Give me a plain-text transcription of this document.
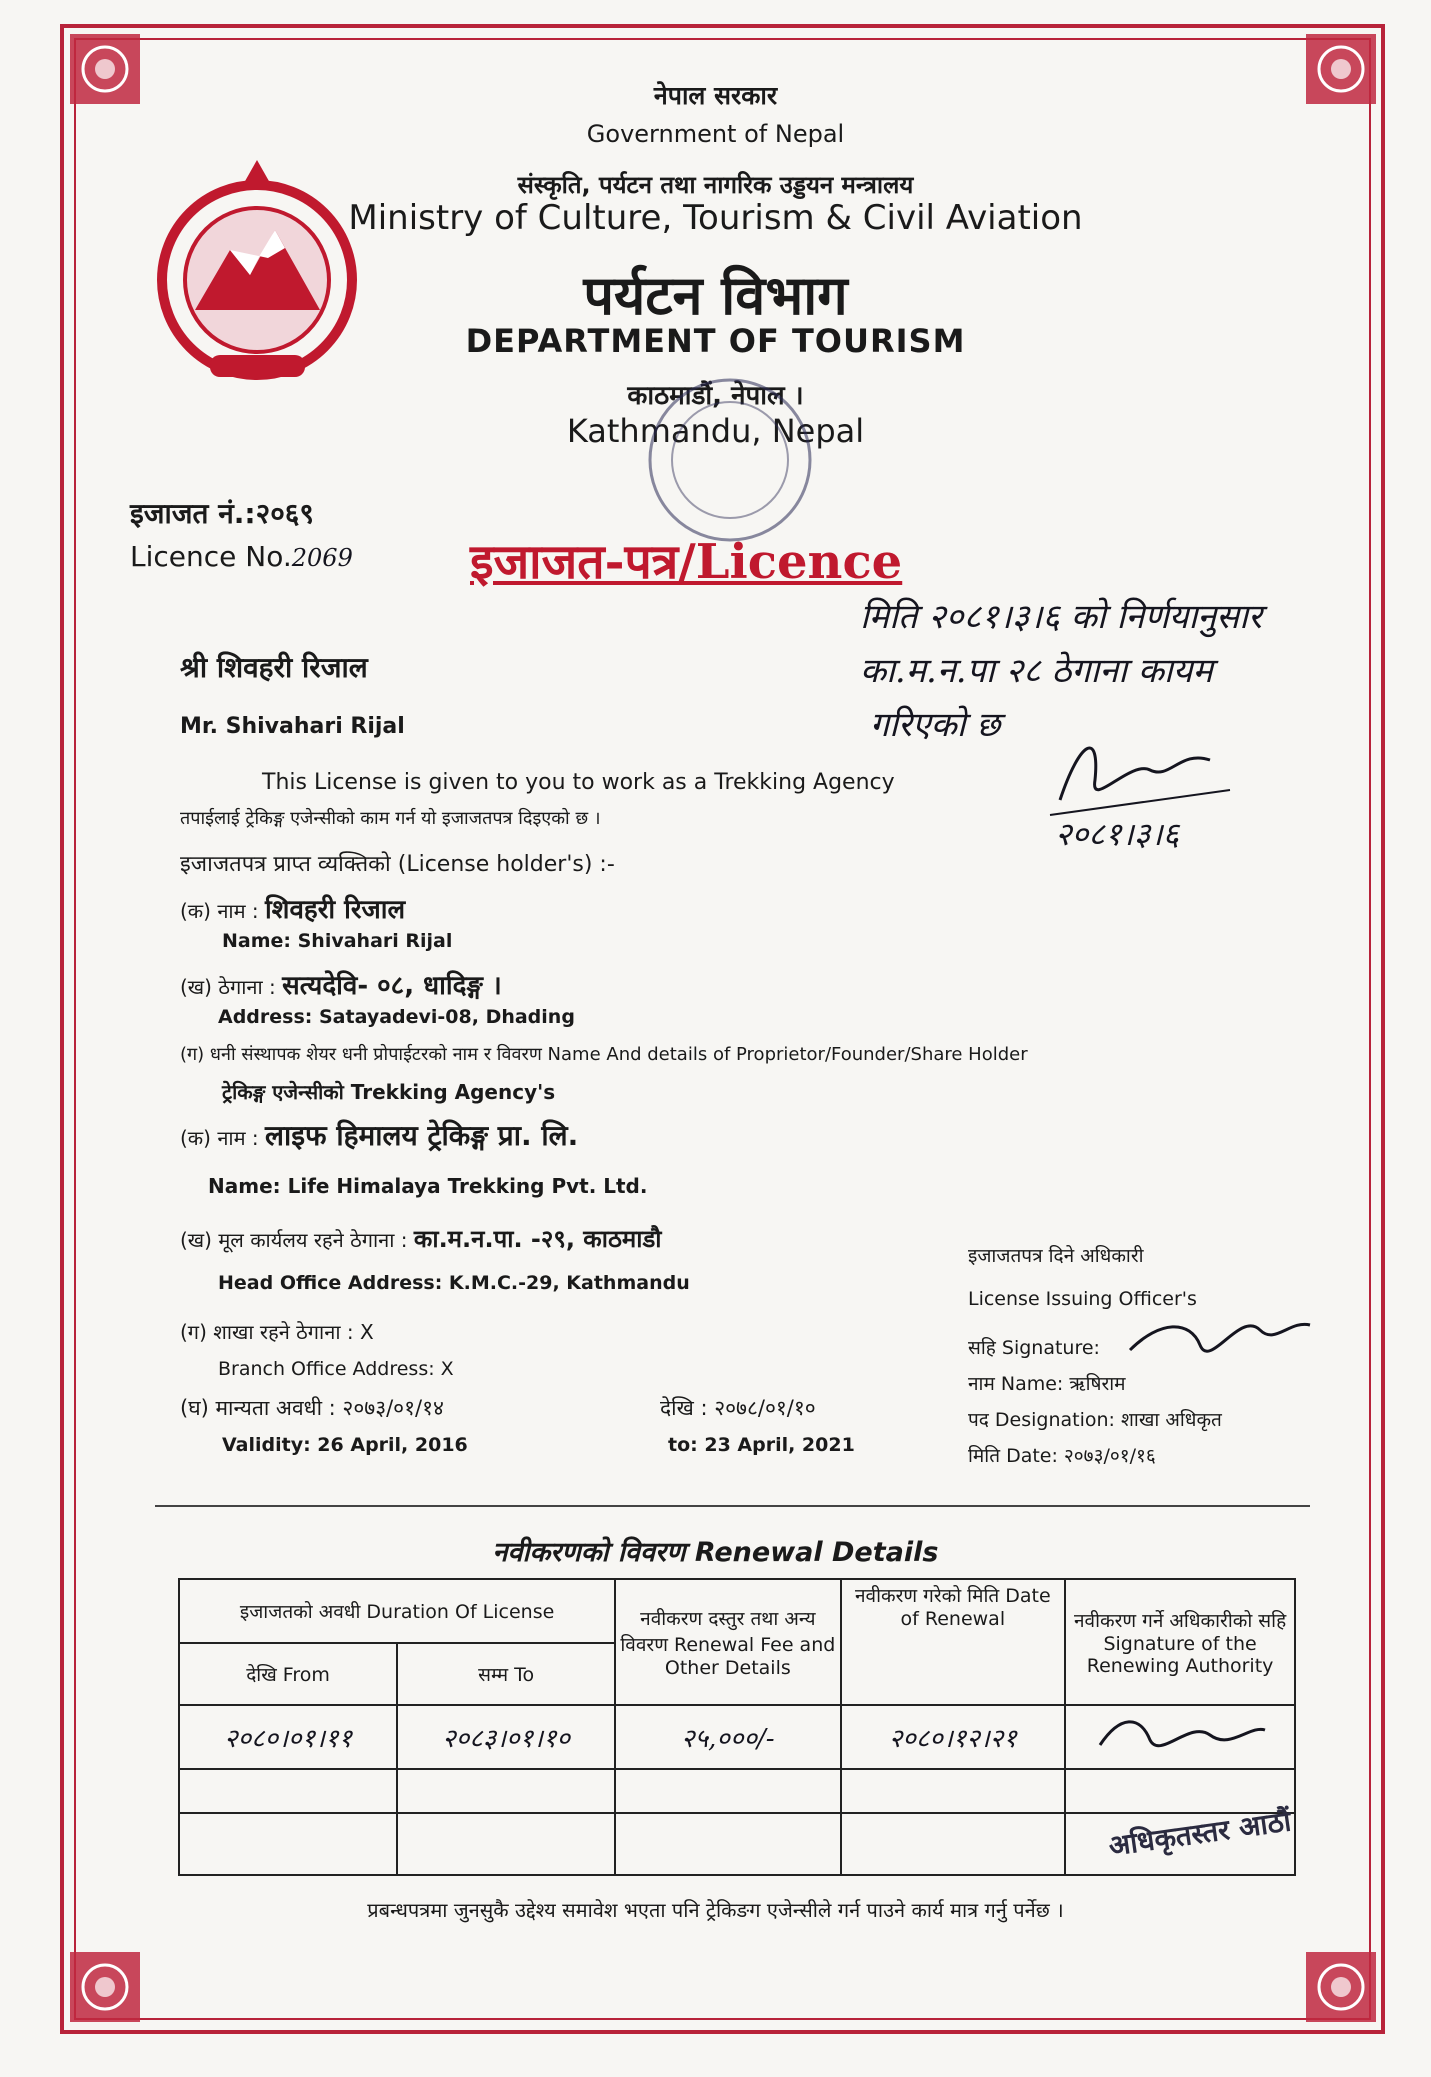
नेपाल सरकार
Government of Nepal
संस्कृति, पर्यटन तथा नागरिक उड्डयन मन्त्रालय
Ministry of Culture, Tourism & Civil Aviation
पर्यटन विभाग
DEPARTMENT OF TOURISM
काठमाडौं, नेपाल ।
Kathmandu, Nepal
इजाजत नं.:२०६९
Licence No.2069 इजाजत-पत्र/Licence
मिति २०८१।३।६ को निर्णयानुसार
का.म.न.पा २८ ठेगाना कायम
गरिएको छ
२०८१।३।६
श्री शिवहरी रिजाल
Mr. Shivahari Rijal
This License is given to you to work as a Trekking Agency
तपाईलाई ट्रेकिङ्ग एजेन्सीको काम गर्न यो इजाजतपत्र दिइएको छ ।
इजाजतपत्र प्राप्त व्यक्तिको (License holder's) :-
(क) नाम : शिवहरी रिजाल
Name: Shivahari Rijal
(ख) ठेगाना : सत्यदेवि- ०८, धादिङ्ग ।
Address: Satayadevi-08, Dhading
(ग) धनी संस्थापक शेयर धनी प्रोपाईटरको नाम र विवरण Name And details of Proprietor/Founder/Share Holder
ट्रेकिङ्ग एजेन्सीको Trekking Agency's
(क) नाम : लाइफ हिमालय ट्रेकिङ्ग प्रा. लि.
Name: Life Himalaya Trekking Pvt. Ltd.
(ख) मूल कार्यलय रहने ठेगाना : का.म.न.पा. -२९, काठमाडौ
Head Office Address: K.M.C.-29, Kathmandu
(ग) शाखा रहने ठेगाना : X
Branch Office Address: X
(घ) मान्यता अवधी : २०७३/०१/१४
Validity: 26 April, 2016
देखि : २०७८/०१/१०
to: 23 April, 2021
इजाजतपत्र दिने अधिकारी
License Issuing Officer's
सहि Signature:
नाम Name: ऋषिराम
पद Designation: शाखा अधिकृत
मिति Date: २०७३/०१/१६
नवीकरणको विवरण Renewal Details
इजाजतको अवधी Duration Of License		नवीकरण दस्तुर तथा अन्य विवरण Renewal Fee and Other Details	नवीकरण गरेको मिति Date of Renewal	नवीकरण गर्ने अधिकारीको सहि Signature of the Renewing Authority
देखि From	सम्म To			
२०८०।०१।११	२०८३।०१।१०	२५,०००/-	२०८०।१२।२१	

अधिकृतस्तर आठौं
प्रबन्धपत्रमा जुनसुकै उद्देश्य समावेश भएता पनि ट्रेकिङग एजेन्सीले गर्न पाउने कार्य मात्र गर्नु पर्नेछ ।
